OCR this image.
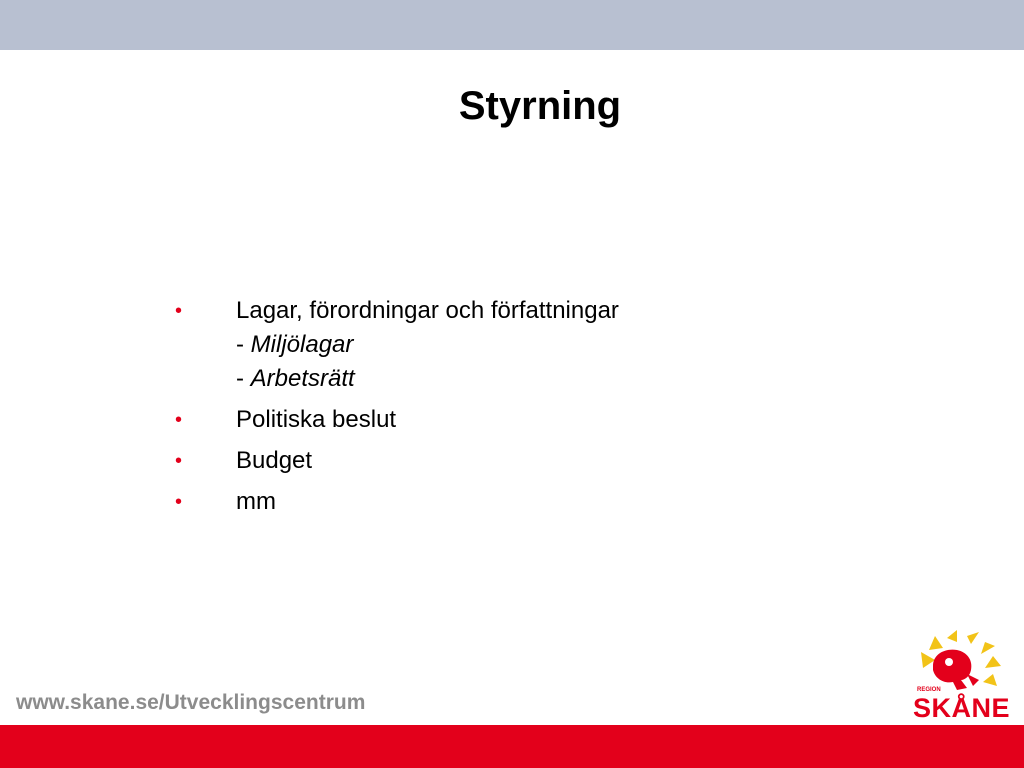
Styrning
• Lagar, förordningar och författningar
- Miljölagar
- Arbetsrätt
• Politiska beslut
• Budget
• mm
www.skane.se/Utvecklingscentrum
REGION
SKÅNE
